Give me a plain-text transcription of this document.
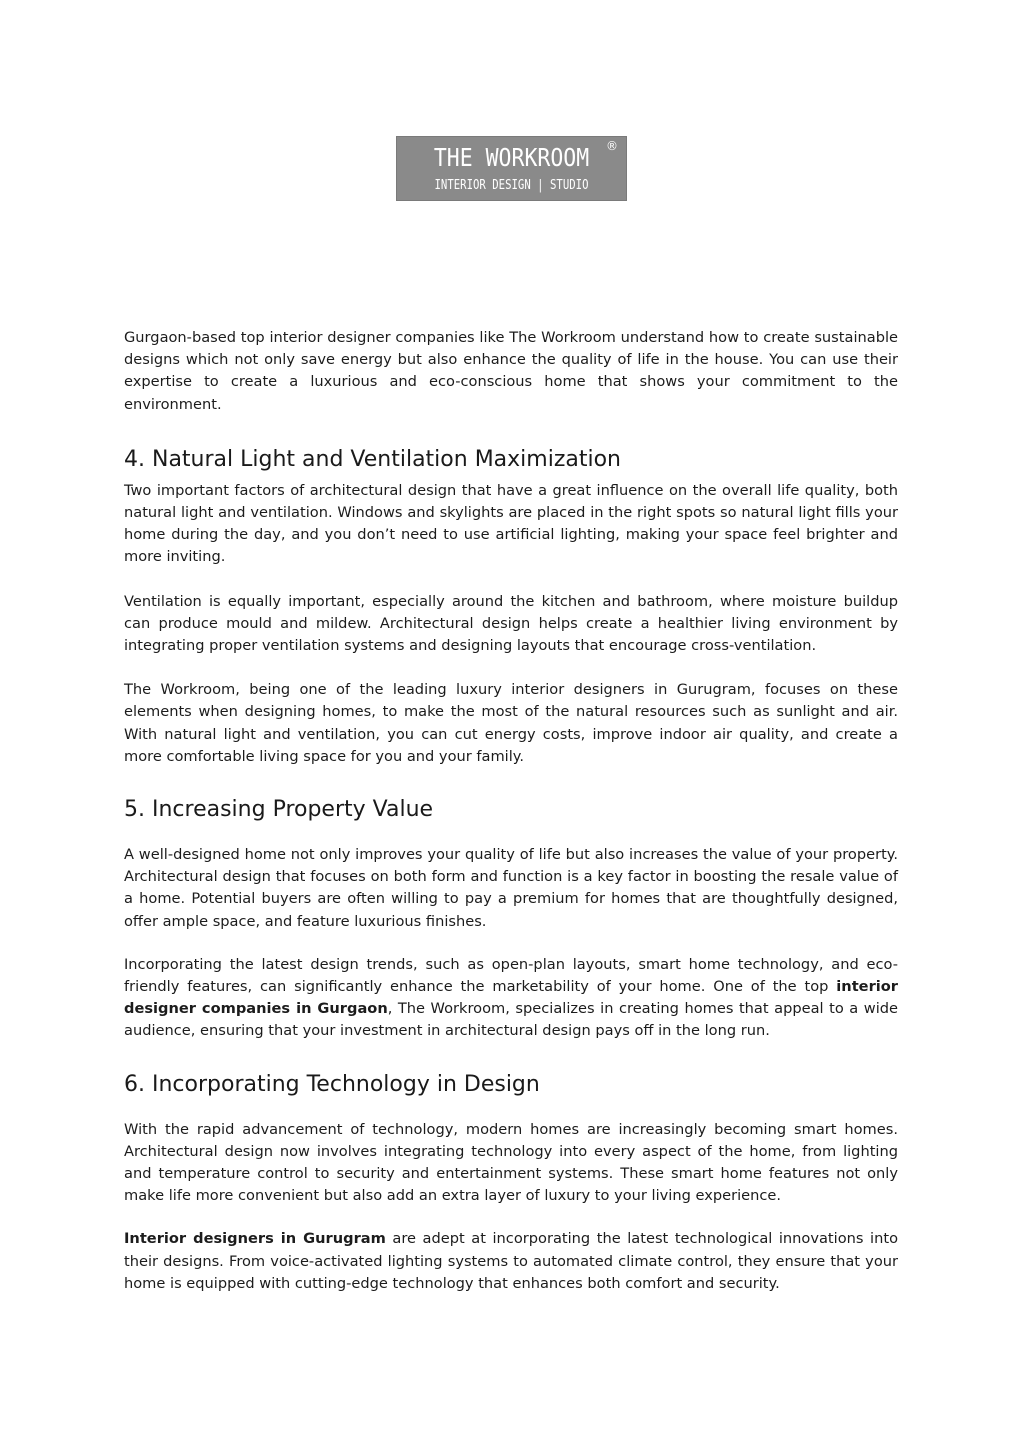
THE WORKROOM	®
INTERIOR DESIGN | STUDIO

Gurgaon-based top interior designer companies like The Workroom understand how to create sustainable designs which not only save energy but also enhance the quality of life in the house. You can use their expertise to create a luxurious and eco-conscious home that shows your commitment to the environment.

4. Natural Light and Ventilation Maximization

Two important factors of architectural design that have a great influence on the overall life quality, both natural light and ventilation. Windows and skylights are placed in the right spots so natural light fills your home during the day, and you don’t need to use artificial lighting, making your space feel brighter and more inviting.

Ventilation is equally important, especially around the kitchen and bathroom, where moisture buildup can produce mould and mildew. Architectural design helps create a healthier living environment by integrating proper ventilation systems and designing layouts that encourage cross-ventilation.

The Workroom, being one of the leading luxury interior designers in Gurugram, focuses on these elements when designing homes, to make the most of the natural resources such as sunlight and air. With natural light and ventilation, you can cut energy costs, improve indoor air quality, and create a more comfortable living space for you and your family.

5. Increasing Property Value

A well-designed home not only improves your quality of life but also increases the value of your property. Architectural design that focuses on both form and function is a key factor in boosting the resale value of a home. Potential buyers are often willing to pay a premium for homes that are thoughtfully designed, offer ample space, and feature luxurious finishes.

Incorporating the latest design trends, such as open-plan layouts, smart home technology, and eco-friendly features, can significantly enhance the marketability of your home. One of the top interior designer companies in Gurgaon, The Workroom, specializes in creating homes that appeal to a wide audience, ensuring that your investment in architectural design pays off in the long run.

6. Incorporating Technology in Design

With the rapid advancement of technology, modern homes are increasingly becoming smart homes. Architectural design now involves integrating technology into every aspect of the home, from lighting and temperature control to security and entertainment systems. These smart home features not only make life more convenient but also add an extra layer of luxury to your living experience.

Interior designers in Gurugram are adept at incorporating the latest technological innovations into their designs. From voice-activated lighting systems to automated climate control, they ensure that your home is equipped with cutting-edge technology that enhances both comfort and security.
